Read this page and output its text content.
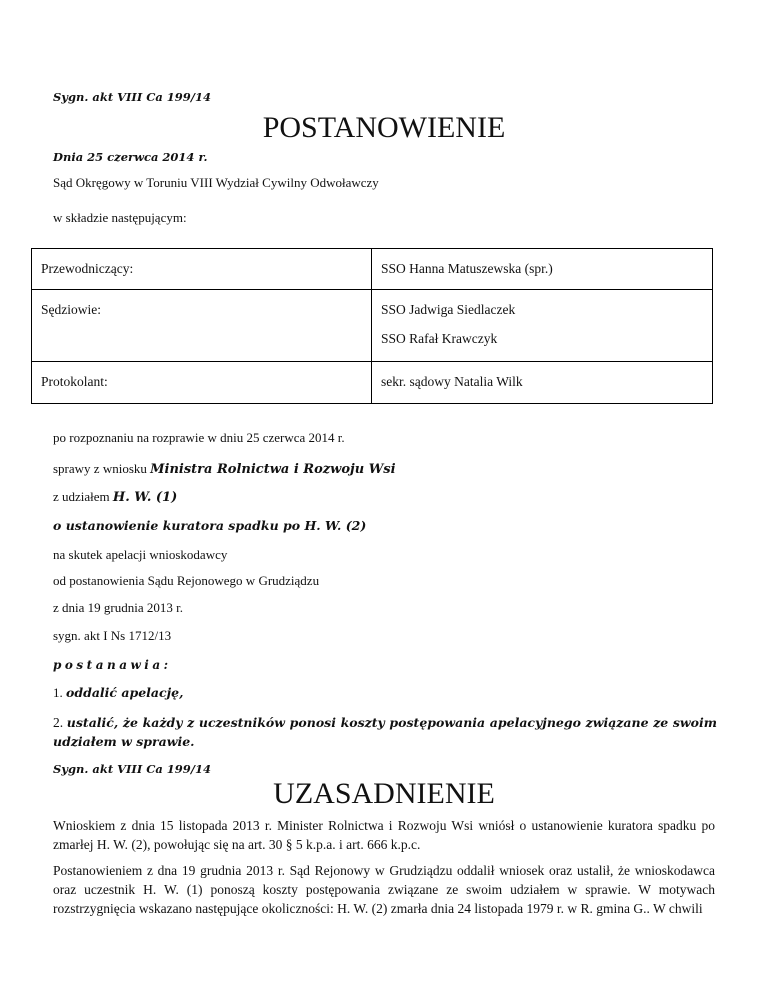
Sygn. akt VIII Ca 199/14
POSTANOWIENIE
Dnia 25 czerwca 2014 r.
Sąd Okręgowy w Toruniu VIII Wydział Cywilny Odwoławczy
w składzie następującym:
Przewodniczący:	SSO Hanna Matuszewska (spr.)

Sędziowie:	SSO Jadwiga Siedlaczek
SSO Rafał Krawczyk

Protokolant:	sekr. sądowy Natalia Wilk
po rozpoznaniu na rozprawie w dniu 25 czerwca 2014 r.
sprawy z wniosku Ministra Rolnictwa i Rozwoju Wsi
z udziałem H. W. (1)
o ustanowienie kuratora spadku po H. W. (2)
na skutek apelacji wnioskodawcy
od postanowienia Sądu Rejonowego w Grudziądzu
z dnia 19 grudnia 2013 r.
sygn. akt I Ns 1712/13
postanawia:
1. oddalić apelację,
2. ustalić, że każdy z uczestników ponosi koszty postępowania apelacyjnego związane ze swoim udziałem w sprawie.
Sygn. akt VIII Ca 199/14
UZASADNIENIE
Wnioskiem z dnia 15 listopada 2013 r. Minister Rolnictwa i Rozwoju Wsi wniósł o ustanowienie kuratora spadku po zmarłej H. W. (2), powołując się na art. 30 § 5 k.p.a. i art. 666 k.p.c.
Postanowieniem z dna 19 grudnia 2013 r. Sąd Rejonowy w Grudziądzu oddalił wniosek oraz ustalił, że wnioskodawca oraz uczestnik H. W. (1) ponoszą koszty postępowania związane ze swoim udziałem w sprawie. W motywach rozstrzygnięcia wskazano następujące okoliczności: H. W. (2) zmarła dnia 24 listopada 1979 r. w R. gmina G.. W chwili
